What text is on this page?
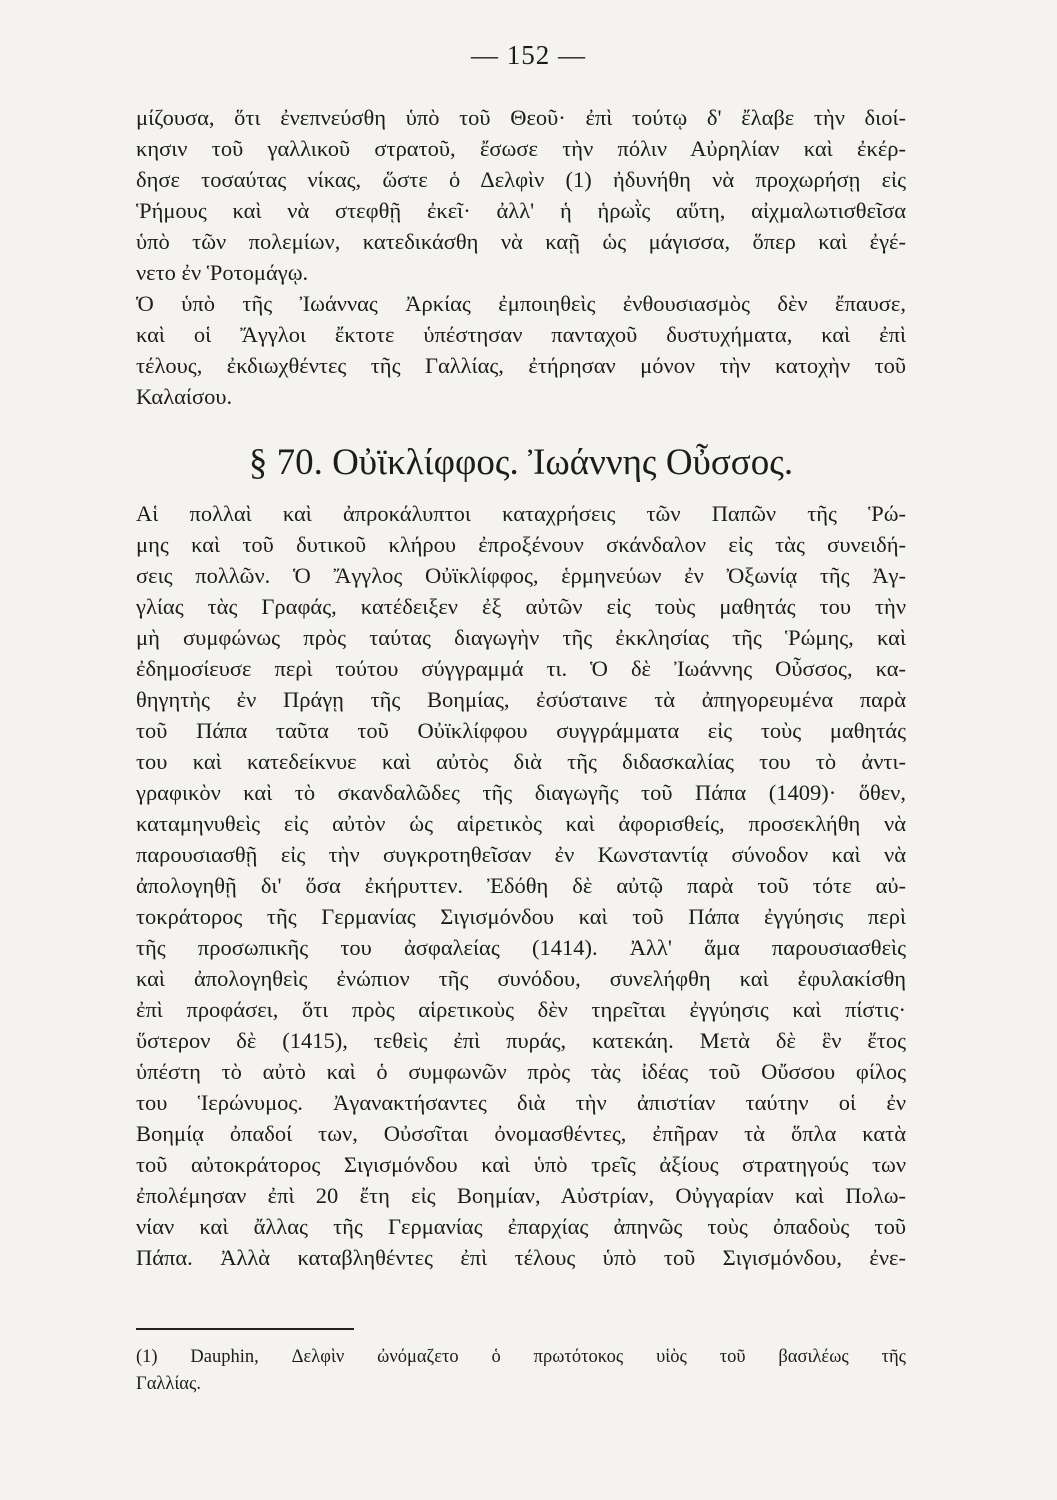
— 152 —
μίζουσα, ὅτι ἐνεπνεύσθη ὑπὸ τοῦ Θεοῦ· ἐπὶ τούτῳ δ' ἔλαβε τὴν διοί-
κησιν τοῦ γαλλικοῦ στρατοῦ, ἔσωσε τὴν πόλιν Αὐρηλίαν καὶ ἐκέρ-
δησε τοσαύτας νίκας, ὥστε ὁ Δελφὶν (1) ἠδυνήθη νὰ προχωρήσῃ εἰς
Ῥήμους καὶ νὰ στεφθῇ ἐκεῖ· ἀλλ' ἡ ἡρωῒς αὕτη, αἰχμαλωτισθεῖσα
ὑπὸ τῶν πολεμίων, κατεδικάσθη νὰ καῇ ὡς μάγισσα, ὅπερ καὶ ἐγέ-
νετο ἐν Ῥοτομάγῳ.
Ὁ ὑπὸ τῆς Ἰωάννας Ἀρκίας ἐμποιηθεὶς ἐνθουσιασμὸς δὲν ἔπαυσε,
καὶ οἱ Ἄγγλοι ἔκτοτε ὑπέστησαν πανταχοῦ δυστυχήματα, καὶ ἐπὶ
τέλους, ἐκδιωχθέντες τῆς Γαλλίας, ἐτήρησαν μόνον τὴν κατοχὴν τοῦ
Καλαίσου.
§ 70. Οὐϊκλίφφος. Ἰωάννης Οὖσσος.
Αἱ πολλαὶ καὶ ἀπροκάλυπτοι καταχρήσεις τῶν Παπῶν τῆς Ῥώ-
μης καὶ τοῦ δυτικοῦ κλήρου ἐπροξένουν σκάνδαλον εἰς τὰς συνειδή-
σεις πολλῶν. Ὁ Ἄγγλος Οὐϊκλίφφος, ἑρμηνεύων ἐν Ὀξωνίᾳ τῆς Ἀγ-
γλίας τὰς Γραφάς, κατέδειξεν ἐξ αὐτῶν εἰς τοὺς μαθητάς του τὴν
μὴ συμφώνως πρὸς ταύτας διαγωγὴν τῆς ἐκκλησίας τῆς Ῥώμης, καὶ
ἐδημοσίευσε περὶ τούτου σύγγραμμά τι. Ὁ δὲ Ἰωάννης Οὖσσος, κα-
θηγητὴς ἐν Πράγῃ τῆς Βοημίας, ἐσύσταινε τὰ ἀπηγορευμένα παρὰ
τοῦ Πάπα ταῦτα τοῦ Οὐϊκλίφφου συγγράμματα εἰς τοὺς μαθητάς
του καὶ κατεδείκνυε καὶ αὐτὸς διὰ τῆς διδασκαλίας του τὸ ἀντι-
γραφικὸν καὶ τὸ σκανδαλῶδες τῆς διαγωγῆς τοῦ Πάπα (1409)· ὅθεν,
καταμηνυθεὶς εἰς αὐτὸν ὡς αἱρετικὸς καὶ ἀφορισθείς, προσεκλήθη νὰ
παρουσιασθῇ εἰς τὴν συγκροτηθεῖσαν ἐν Κωνσταντίᾳ σύνοδον καὶ νὰ
ἀπολογηθῇ δι' ὅσα ἐκήρυττεν. Ἐδόθη δὲ αὐτῷ παρὰ τοῦ τότε αὐ-
τοκράτορος τῆς Γερμανίας Σιγισμόνδου καὶ τοῦ Πάπα ἐγγύησις περὶ
τῆς προσωπικῆς του ἀσφαλείας (1414). Ἀλλ' ἅμα παρουσιασθεὶς
καὶ ἀπολογηθεὶς ἐνώπιον τῆς συνόδου, συνελήφθη καὶ ἐφυλακίσθη
ἐπὶ προφάσει, ὅτι πρὸς αἱρετικοὺς δὲν τηρεῖται ἐγγύησις καὶ πίστις·
ὕστερον δὲ (1415), τεθεὶς ἐπὶ πυράς, κατεκάη. Μετὰ δὲ ἓν ἔτος
ὑπέστη τὸ αὐτὸ καὶ ὁ συμφωνῶν πρὸς τὰς ἰδέας τοῦ Οὔσσου φίλος
του Ἱερώνυμος. Ἀγανακτήσαντες διὰ τὴν ἀπιστίαν ταύτην οἱ ἐν
Βοημίᾳ ὀπαδοί των, Οὐσσῖται ὀνομασθέντες, ἐπῆραν τὰ ὅπλα κατὰ
τοῦ αὐτοκράτορος Σιγισμόνδου καὶ ὑπὸ τρεῖς ἀξίους στρατηγούς των
ἐπολέμησαν ἐπὶ 20 ἔτη εἰς Βοημίαν, Αὐστρίαν, Οὐγγαρίαν καὶ Πολω-
νίαν καὶ ἄλλας τῆς Γερμανίας ἐπαρχίας ἀπηνῶς τοὺς ὀπαδοὺς τοῦ
Πάπα. Ἀλλὰ καταβληθέντες ἐπὶ τέλους ὑπὸ τοῦ Σιγισμόνδου, ἐνε-
(1) Dauphin, Δελφὶν ὠνόμαζετο ὁ πρωτότοκος υἱὸς τοῦ βασιλέως τῆς
Γαλλίας.
